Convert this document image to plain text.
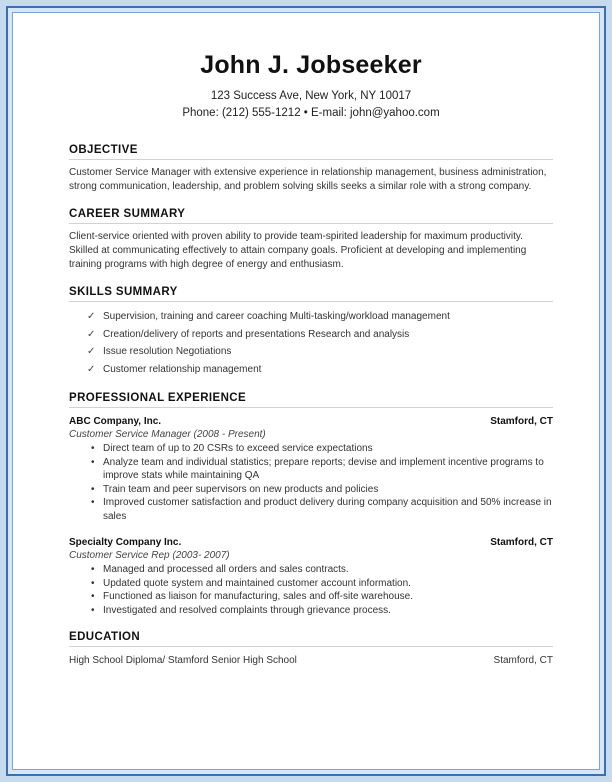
John J. Jobseeker
123 Success Ave, New York, NY 10017
Phone: (212) 555-1212 • E-mail: john@yahoo.com
OBJECTIVE
Customer Service Manager with extensive experience in relationship management, business administration, strong communication, leadership, and problem solving skills seeks a similar role with a strong company.
CAREER SUMMARY
Client-service oriented with proven ability to provide team-spirited leadership for maximum productivity. Skilled at communicating effectively to attain company goals. Proficient at developing and implementing training programs with high degree of energy and enthusiasm.
SKILLS SUMMARY
✓ Supervision, training and career coaching Multi-tasking/workload management
✓ Creation/delivery of reports and presentations Research and analysis
✓ Issue resolution Negotiations
✓ Customer relationship management
PROFESSIONAL EXPERIENCE
ABC Company, Inc.	Stamford, CT
Customer Service Manager (2008 - Present)
• Direct team of up to 20 CSRs to exceed service expectations
• Analyze team and individual statistics; prepare reports; devise and implement incentive programs to improve stats while maintaining QA
• Train team and peer supervisors on new products and policies
• Improved customer satisfaction and product delivery during company acquisition and 50% increase in sales
Specialty Company Inc.	Stamford, CT
Customer Service Rep (2003- 2007)
• Managed and processed all orders and sales contracts.
• Updated quote system and maintained customer account information.
• Functioned as liaison for manufacturing, sales and off-site warehouse.
• Investigated and resolved complaints through grievance process.
EDUCATION
High School Diploma/ Stamford Senior High School	Stamford, CT
